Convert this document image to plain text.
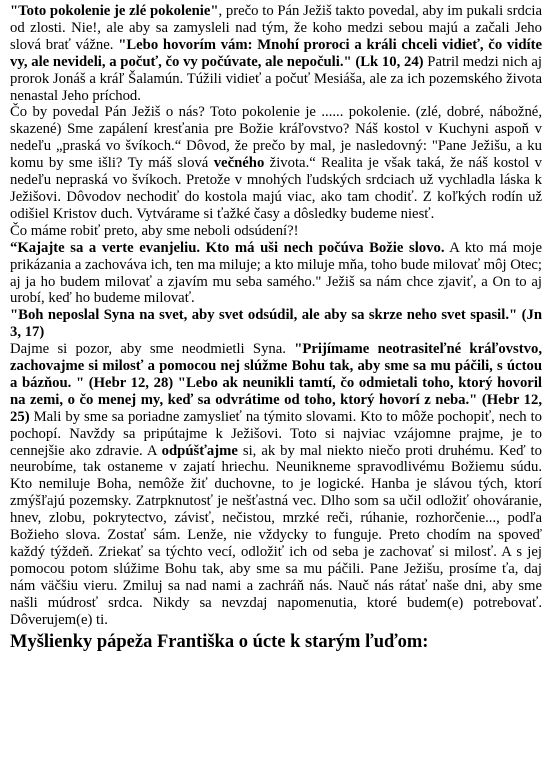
"Toto pokolenie je zlé pokolenie", prečo to Pán Ježiš takto povedal, aby im pukali srdcia od zlosti. Nie!, ale aby sa zamysleli nad tým, že koho medzi sebou majú a začali Jeho slová brať vážne. "Lebo hovorím vám: Mnohí proroci a králi chceli vidieť, čo vidíte vy, ale nevideli, a počuť, čo vy počúvate, ale nepočuli." (Lk 10, 24) Patril medzi nich aj prorok Jonáš a kráľ Šalamún. Túžili vidieť a počuť Mesiáša, ale za ich pozemského života nenastal Jeho príchod.

Čo by povedal Pán Ježiš o nás? Toto pokolenie je ...... pokolenie. (zlé, dobré, nábožné, skazené) Sme zapálení kresťania pre Božie kráľovstvo? Náš kostol v Kuchyni aspoň v nedeľu „praská vo švíkoch.“ Dôvod, že prečo by mal, je nasledovný: "Pane Ježišu, a ku komu by sme išli? Ty máš slová večného života.“ Realita je však taká, že náš kostol v nedeľu nepraská vo švíkoch. Pretože v mnohých ľudských srdciach už vychladla láska k Ježišovi. Dôvodov nechodiť do kostola majú viac, ako tam chodiť. Z koľkých rodín už odišiel Kristov duch. Vytvárame si ťažké časy a dôsledky budeme niesť.

Čo máme robiť preto, aby sme neboli odsúdení?!

“Kajajte sa a verte evanjeliu. Kto má uši nech počúva Božie slovo. A kto má moje prikázania a zachováva ich, ten ma miluje; a kto miluje mňa, toho bude milovať môj Otec; aj ja ho budem milovať a zjavím mu seba samého." Ježiš sa nám chce zjaviť, a On to aj urobí, keď ho budeme milovať.

"Boh neposlal Syna na svet, aby svet odsúdil, ale aby sa skrze neho svet spasil." (Jn 3, 17)

Dajme si pozor, aby sme neodmietli Syna. "Prijímame neotrasiteľné kráľovstvo, zachovajme si milosť a pomocou nej slúžme Bohu tak, aby sme sa mu páčili, s úctou a bázňou. " (Hebr 12, 28) "Lebo ak neunikli tamtí, čo odmietali toho, ktorý hovoril na zemi, o čo menej my, keď sa odvrátime od toho, ktorý hovorí z neba." (Hebr 12, 25) Mali by sme sa poriadne zamyslieť na týmito slovami. Kto to môže pochopiť, nech to pochopí. Navždy sa pripútajme k Ježišovi. Toto si najviac vzájomne prajme, je to cennejšie ako zdravie. A odpúšťajme si, ak by mal niekto niečo proti druhému. Keď to neurobíme, tak ostaneme v zajatí hriechu. Neunikneme spravodlivému Božiemu súdu. Kto nemiluje Boha, nemôže žiť duchovne, to je logické. Hanba je slávou tých, ktorí zmýšľajú pozemsky. Zatrpknutosť je nešťastná vec. Dlho som sa učil odložiť ohováranie, hnev, zlobu, pokrytectvo, závisť, nečistou, mrzké reči, rúhanie, rozhorčenie..., podľa Božieho slova. Zostať sám. Lenže, nie vždycky to funguje. Preto chodím na spoveď každý týždeň. Zriekať sa týchto vecí, odložiť ich od seba je zachovať si milosť. A s jej pomocou potom slúžime Bohu tak, aby sme sa mu páčili. Pane Ježišu, prosíme ťa, daj nám väčšiu vieru. Zmiluj sa nad nami a zachráň nás. Nauč nás rátať naše dni, aby sme našli múdrosť srdca. Nikdy sa nevzdaj napomenutia, ktoré budem(e) potrebovať. Dôverujem(e) ti.

Myšlienky pápeža Františka o úcte k starým ľuďom:
